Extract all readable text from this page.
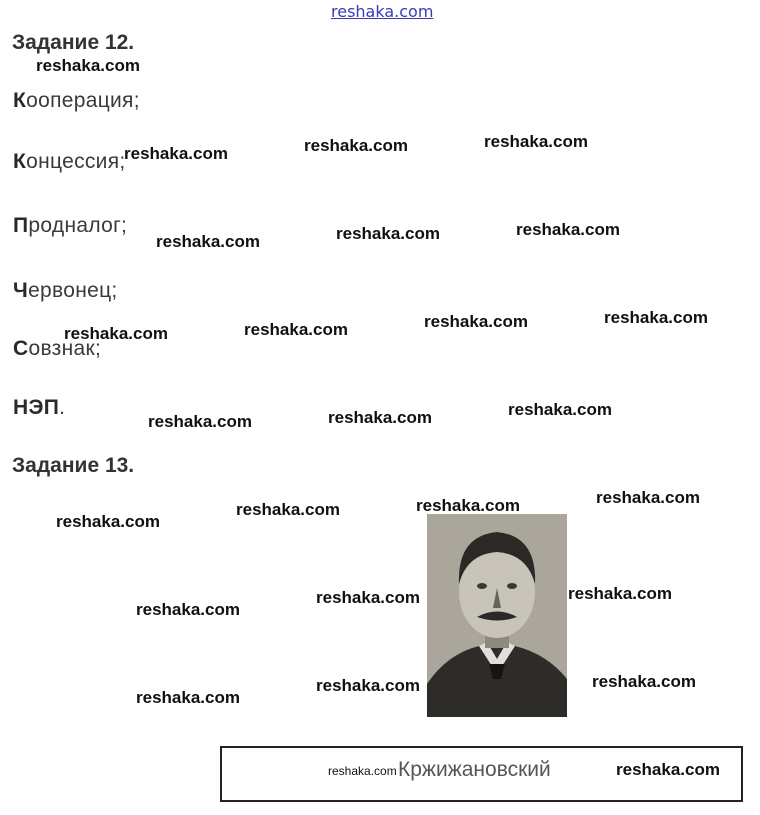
reshaka.com
Задание 12.
Кооперация;
Концессия;
Продналог;
Червонец;
Совзнак;
НЭП.
Задание 13.
reshaka.com Кржижановский	reshaka.com
reshaka.com
reshaka.com	reshaka.com	reshaka.com
reshaka.com	reshaka.com	reshaka.com
reshaka.com	reshaka.com	reshaka.com	reshaka.com
reshaka.com	reshaka.com	reshaka.com
reshaka.com
reshaka.com	reshaka.com	reshaka.com
reshaka.com
reshaka.com	reshaka.com
reshaka.com
reshaka.com	reshaka.com
